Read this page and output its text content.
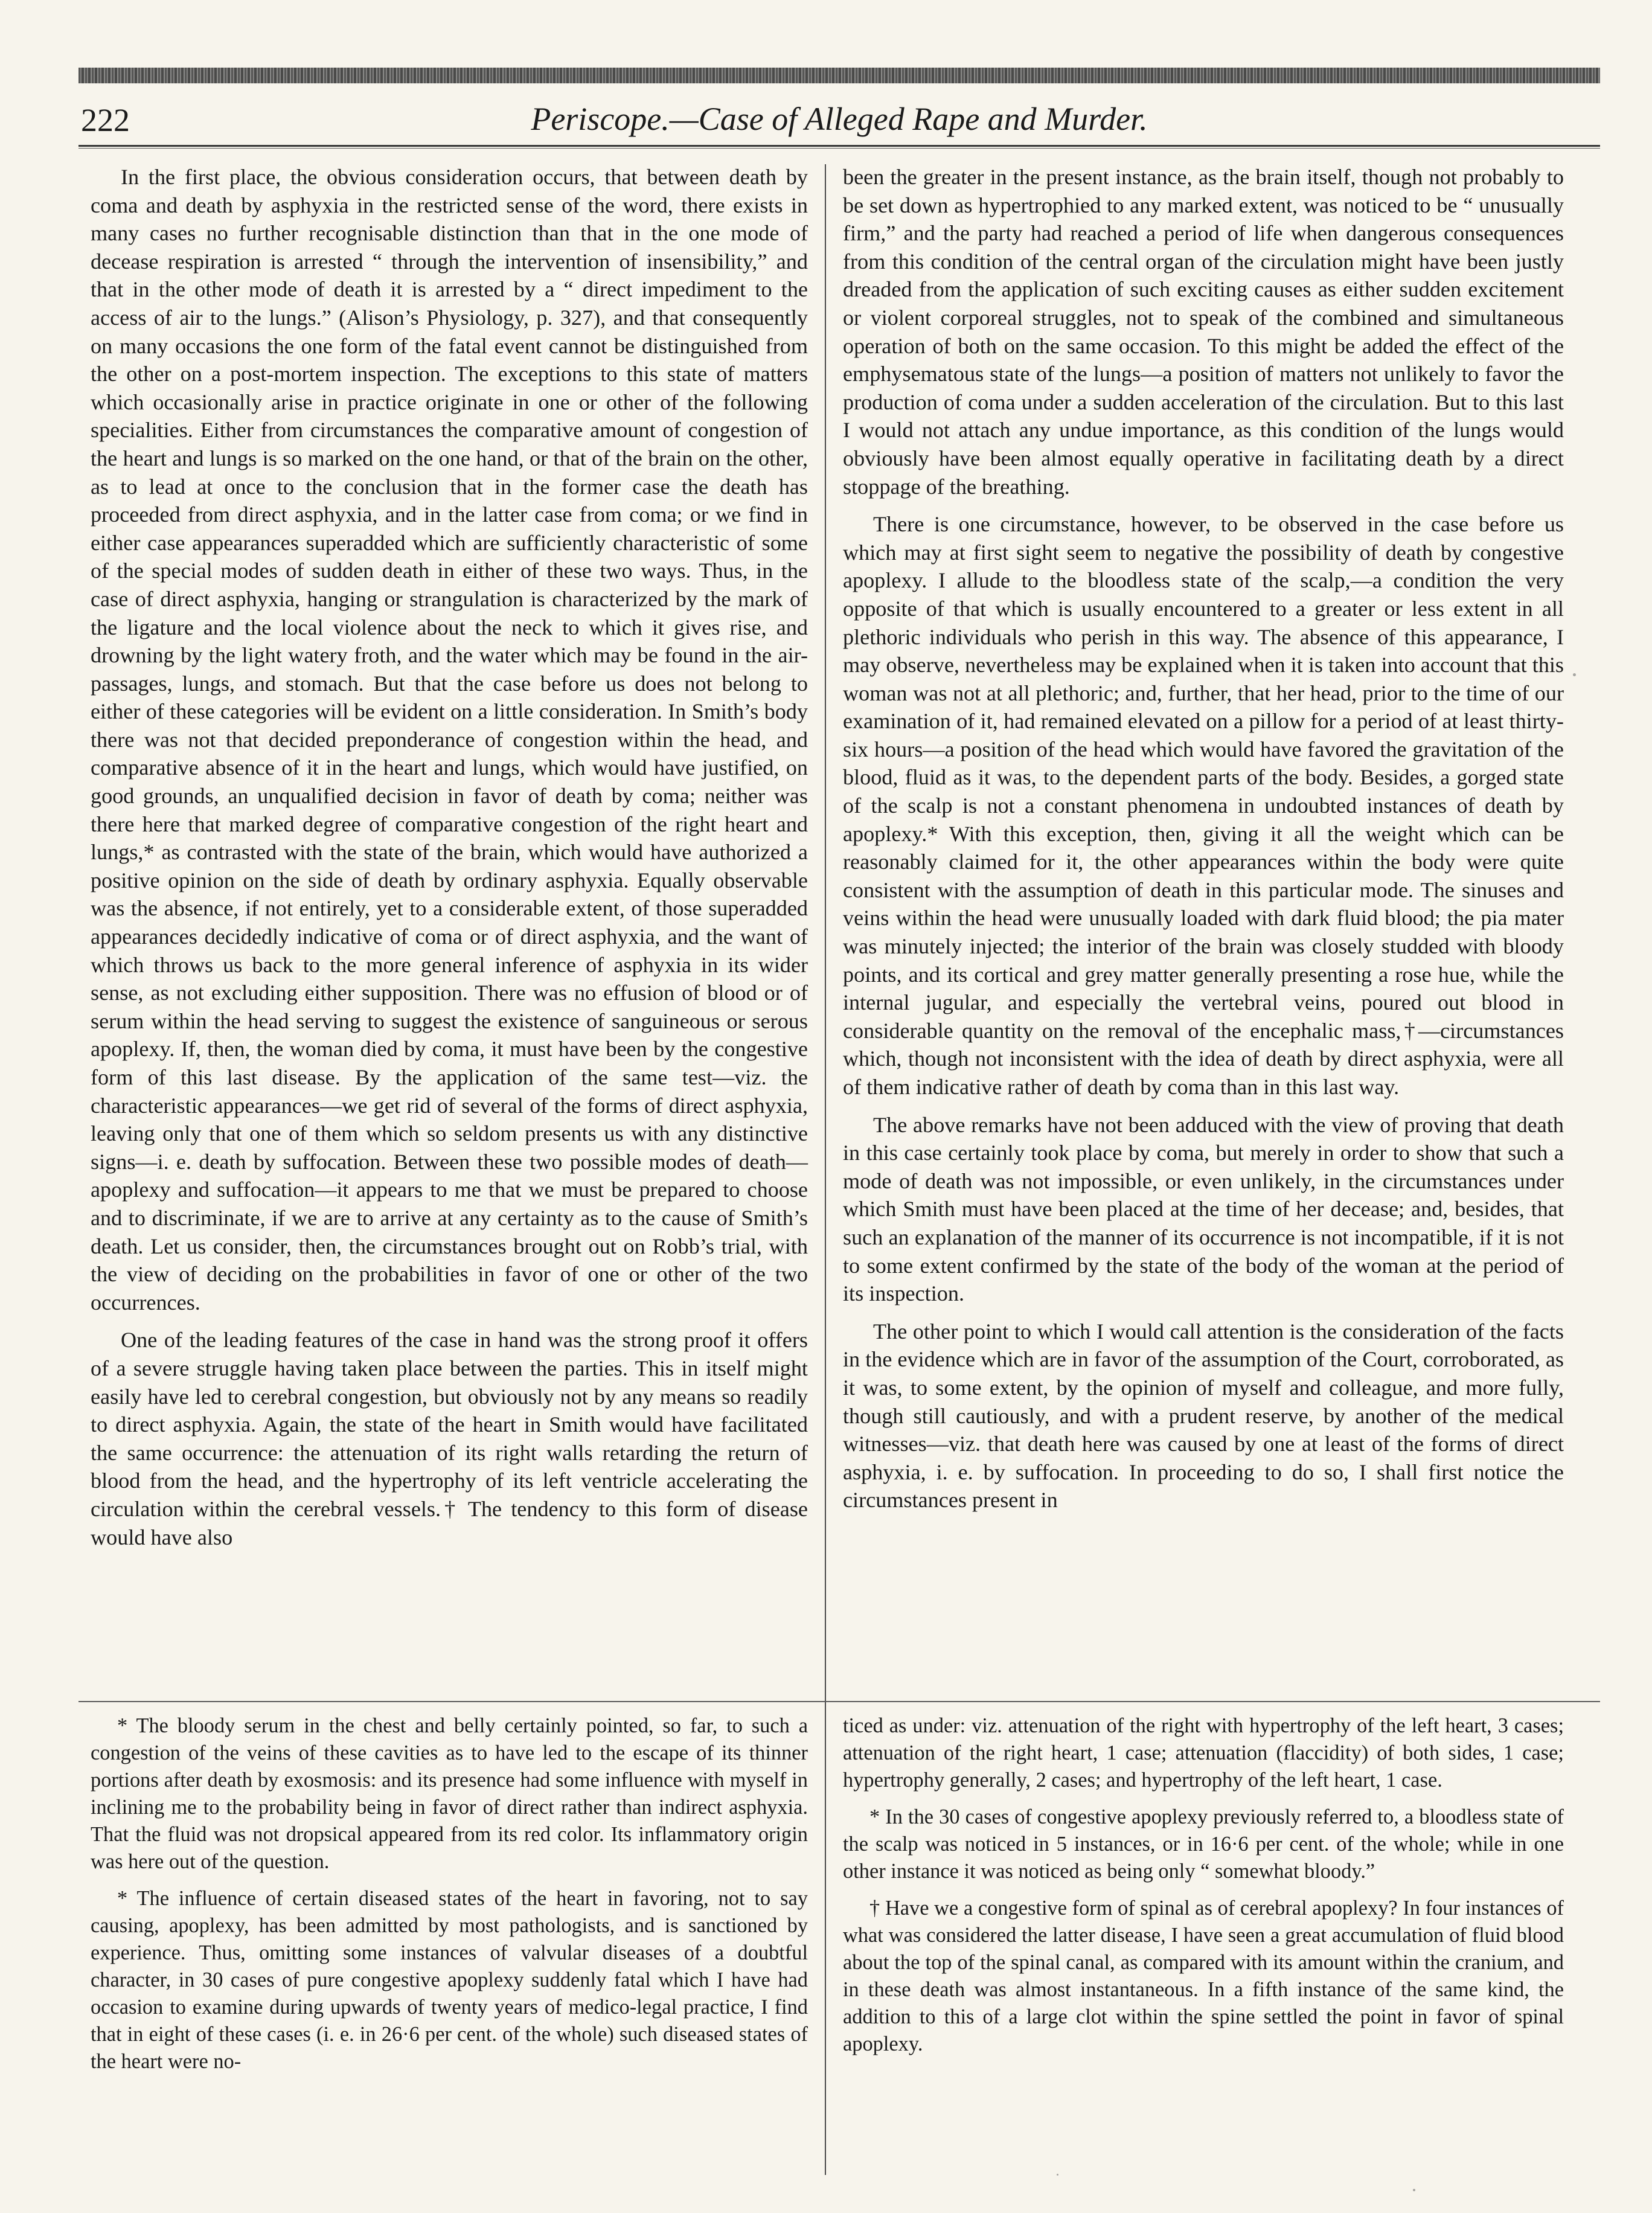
222	Periscope.—Case of Alleged Rape and Murder.

In the first place, the obvious consideration occurs, that between death by coma and death by asphyxia in the restricted sense of the word, there exists in many cases no further recognisable distinction than that in the one mode of decease respiration is arrested “ through the intervention of insensibility,” and that in the other mode of death it is arrested by a “ direct impediment to the access of air to the lungs.” (Alison’s Physiology, p. 327), and that consequently on many occasions the one form of the fatal event cannot be distinguished from the other on a post-mortem inspection. The exceptions to this state of matters which occasionally arise in practice originate in one or other of the following specialities. Either from circumstances the comparative amount of congestion of the heart and lungs is so marked on the one hand, or that of the brain on the other, as to lead at once to the conclusion that in the former case the death has proceeded from direct asphyxia, and in the latter case from coma; or we find in either case appearances superadded which are sufficiently characteristic of some of the special modes of sudden death in either of these two ways. Thus, in the case of direct asphyxia, hanging or strangulation is characterized by the mark of the ligature and the local violence about the neck to which it gives rise, and drowning by the light watery froth, and the water which may be found in the air-passages, lungs, and stomach. But that the case before us does not belong to either of these categories will be evident on a little consideration. In Smith’s body there was not that decided preponderance of congestion within the head, and comparative absence of it in the heart and lungs, which would have justified, on good grounds, an unqualified decision in favor of death by coma; neither was there here that marked degree of comparative congestion of the right heart and lungs,* as contrasted with the state of the brain, which would have authorized a positive opinion on the side of death by ordinary asphyxia. Equally observable was the absence, if not entirely, yet to a considerable extent, of those superadded appearances decidedly indicative of coma or of direct asphyxia, and the want of which throws us back to the more general inference of asphyxia in its wider sense, as not excluding either supposition. There was no effusion of blood or of serum within the head serving to suggest the existence of sanguineous or serous apoplexy. If, then, the woman died by coma, it must have been by the congestive form of this last disease. By the application of the same test—viz. the characteristic appearances—we get rid of several of the forms of direct asphyxia, leaving only that one of them which so seldom presents us with any distinctive signs—i. e. death by suffocation. Between these two possible modes of death—apoplexy and suffocation—it appears to me that we must be prepared to choose and to discriminate, if we are to arrive at any certainty as to the cause of Smith’s death. Let us consider, then, the circumstances brought out on Robb’s trial, with the view of deciding on the probabilities in favor of one or other of the two occurrences.

One of the leading features of the case in hand was the strong proof it offers of a severe struggle having taken place between the parties. This in itself might easily have led to cerebral congestion, but obviously not by any means so readily to direct asphyxia. Again, the state of the heart in Smith would have facilitated the same occurrence: the attenuation of its right walls retarding the return of blood from the head, and the hypertrophy of its left ventricle accelerating the circulation within the cerebral vessels.† The tendency to this form of disease would have also

been the greater in the present instance, as the brain itself, though not probably to be set down as hypertrophied to any marked extent, was noticed to be “ unusually firm,” and the party had reached a period of life when dangerous consequences from this condition of the central organ of the circulation might have been justly dreaded from the application of such exciting causes as either sudden excitement or violent corporeal struggles, not to speak of the combined and simultaneous operation of both on the same occasion. To this might be added the effect of the emphysematous state of the lungs—a position of matters not unlikely to favor the production of coma under a sudden acceleration of the circulation. But to this last I would not attach any undue importance, as this condition of the lungs would obviously have been almost equally operative in facilitating death by a direct stoppage of the breathing.

There is one circumstance, however, to be observed in the case before us which may at first sight seem to negative the possibility of death by congestive apoplexy. I allude to the bloodless state of the scalp,—a condition the very opposite of that which is usually encountered to a greater or less extent in all plethoric individuals who perish in this way. The absence of this appearance, I may observe, nevertheless may be explained when it is taken into account that this woman was not at all plethoric; and, further, that her head, prior to the time of our examination of it, had remained elevated on a pillow for a period of at least thirty-six hours—a position of the head which would have favored the gravitation of the blood, fluid as it was, to the dependent parts of the body. Besides, a gorged state of the scalp is not a constant phenomena in undoubted instances of death by apoplexy.* With this exception, then, giving it all the weight which can be reasonably claimed for it, the other appearances within the body were quite consistent with the assumption of death in this particular mode. The sinuses and veins within the head were unusually loaded with dark fluid blood; the pia mater was minutely injected; the interior of the brain was closely studded with bloody points, and its cortical and grey matter generally presenting a rose hue, while the internal jugular, and especially the vertebral veins, poured out blood in considerable quantity on the removal of the encephalic mass,†—circumstances which, though not inconsistent with the idea of death by direct asphyxia, were all of them indicative rather of death by coma than in this last way.

The above remarks have not been adduced with the view of proving that death in this case certainly took place by coma, but merely in order to show that such a mode of death was not impossible, or even unlikely, in the circumstances under which Smith must have been placed at the time of her decease; and, besides, that such an explanation of the manner of its occurrence is not incompatible, if it is not to some extent confirmed by the state of the body of the woman at the period of its inspection.

The other point to which I would call attention is the consideration of the facts in the evidence which are in favor of the assumption of the Court, corroborated, as it was, to some extent, by the opinion of myself and colleague, and more fully, though still cautiously, and with a prudent reserve, by another of the medical witnesses—viz. that death here was caused by one at least of the forms of direct asphyxia, i. e. by suffocation. In proceeding to do so, I shall first notice the circumstances present in

* The bloody serum in the chest and belly certainly pointed, so far, to such a congestion of the veins of these cavities as to have led to the escape of its thinner portions after death by exosmosis: and its presence had some influence with myself in inclining me to the probability being in favor of direct rather than indirect asphyxia. That the fluid was not dropsical appeared from its red color. Its inflammatory origin was here out of the question.

* The influence of certain diseased states of the heart in favoring, not to say causing, apoplexy, has been admitted by most pathologists, and is sanctioned by experience. Thus, omitting some instances of valvular diseases of a doubtful character, in 30 cases of pure congestive apoplexy suddenly fatal which I have had occasion to examine during upwards of twenty years of medico-legal practice, I find that in eight of these cases (i. e. in 26·6 per cent. of the whole) such diseased states of the heart were no-

ticed as under: viz. attenuation of the right with hypertrophy of the left heart, 3 cases; attenuation of the right heart, 1 case; attenuation (flaccidity) of both sides, 1 case; hypertrophy generally, 2 cases; and hypertrophy of the left heart, 1 case.

* In the 30 cases of congestive apoplexy previously referred to, a bloodless state of the scalp was noticed in 5 instances, or in 16·6 per cent. of the whole; while in one other instance it was noticed as being only “ somewhat bloody.”

† Have we a congestive form of spinal as of cerebral apoplexy? In four instances of what was considered the latter disease, I have seen a great accumulation of fluid blood about the top of the spinal canal, as compared with its amount within the cranium, and in these death was almost instantaneous. In a fifth instance of the same kind, the addition to this of a large clot within the spine settled the point in favor of spinal apoplexy.
